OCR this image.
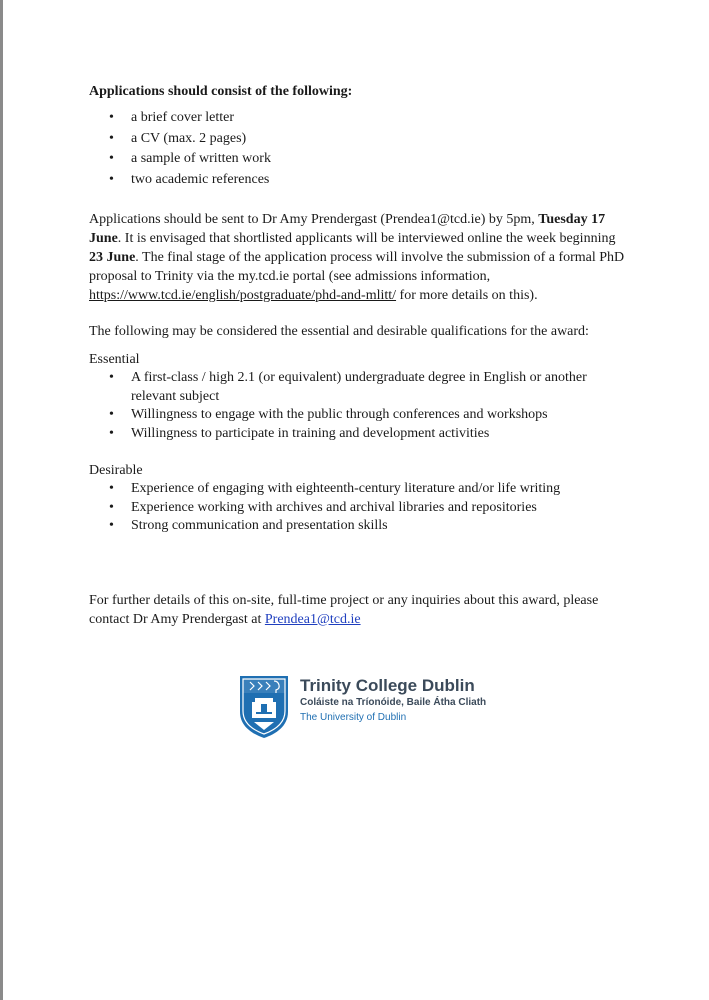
Applications should consist of the following:

• a brief cover letter
• a CV (max. 2 pages)
• a sample of written work
• two academic references

Applications should be sent to Dr Amy Prendergast (Prendea1@tcd.ie) by 5pm, Tuesday 17 June. It is envisaged that shortlisted applicants will be interviewed online the week beginning 23 June. The final stage of the application process will involve the submission of a formal PhD proposal to Trinity via the my.tcd.ie portal (see admissions information, https://www.tcd.ie/english/postgraduate/phd-and-mlitt/ for more details on this).

The following may be considered the essential and desirable qualifications for the award:

Essential

• A first-class / high 2.1 (or equivalent) undergraduate degree in English or another relevant subject
• Willingness to engage with the public through conferences and workshops
• Willingness to participate in training and development activities

Desirable

• Experience of engaging with eighteenth-century literature and/or life writing
• Experience working with archives and archival libraries and repositories
• Strong communication and presentation skills

For further details of this on-site, full-time project or any inquiries about this award, please contact Dr Amy Prendergast at Prendea1@tcd.ie

Trinity College Dublin
Coláiste na Tríonóide, Baile Átha Cliath
The University of Dublin
